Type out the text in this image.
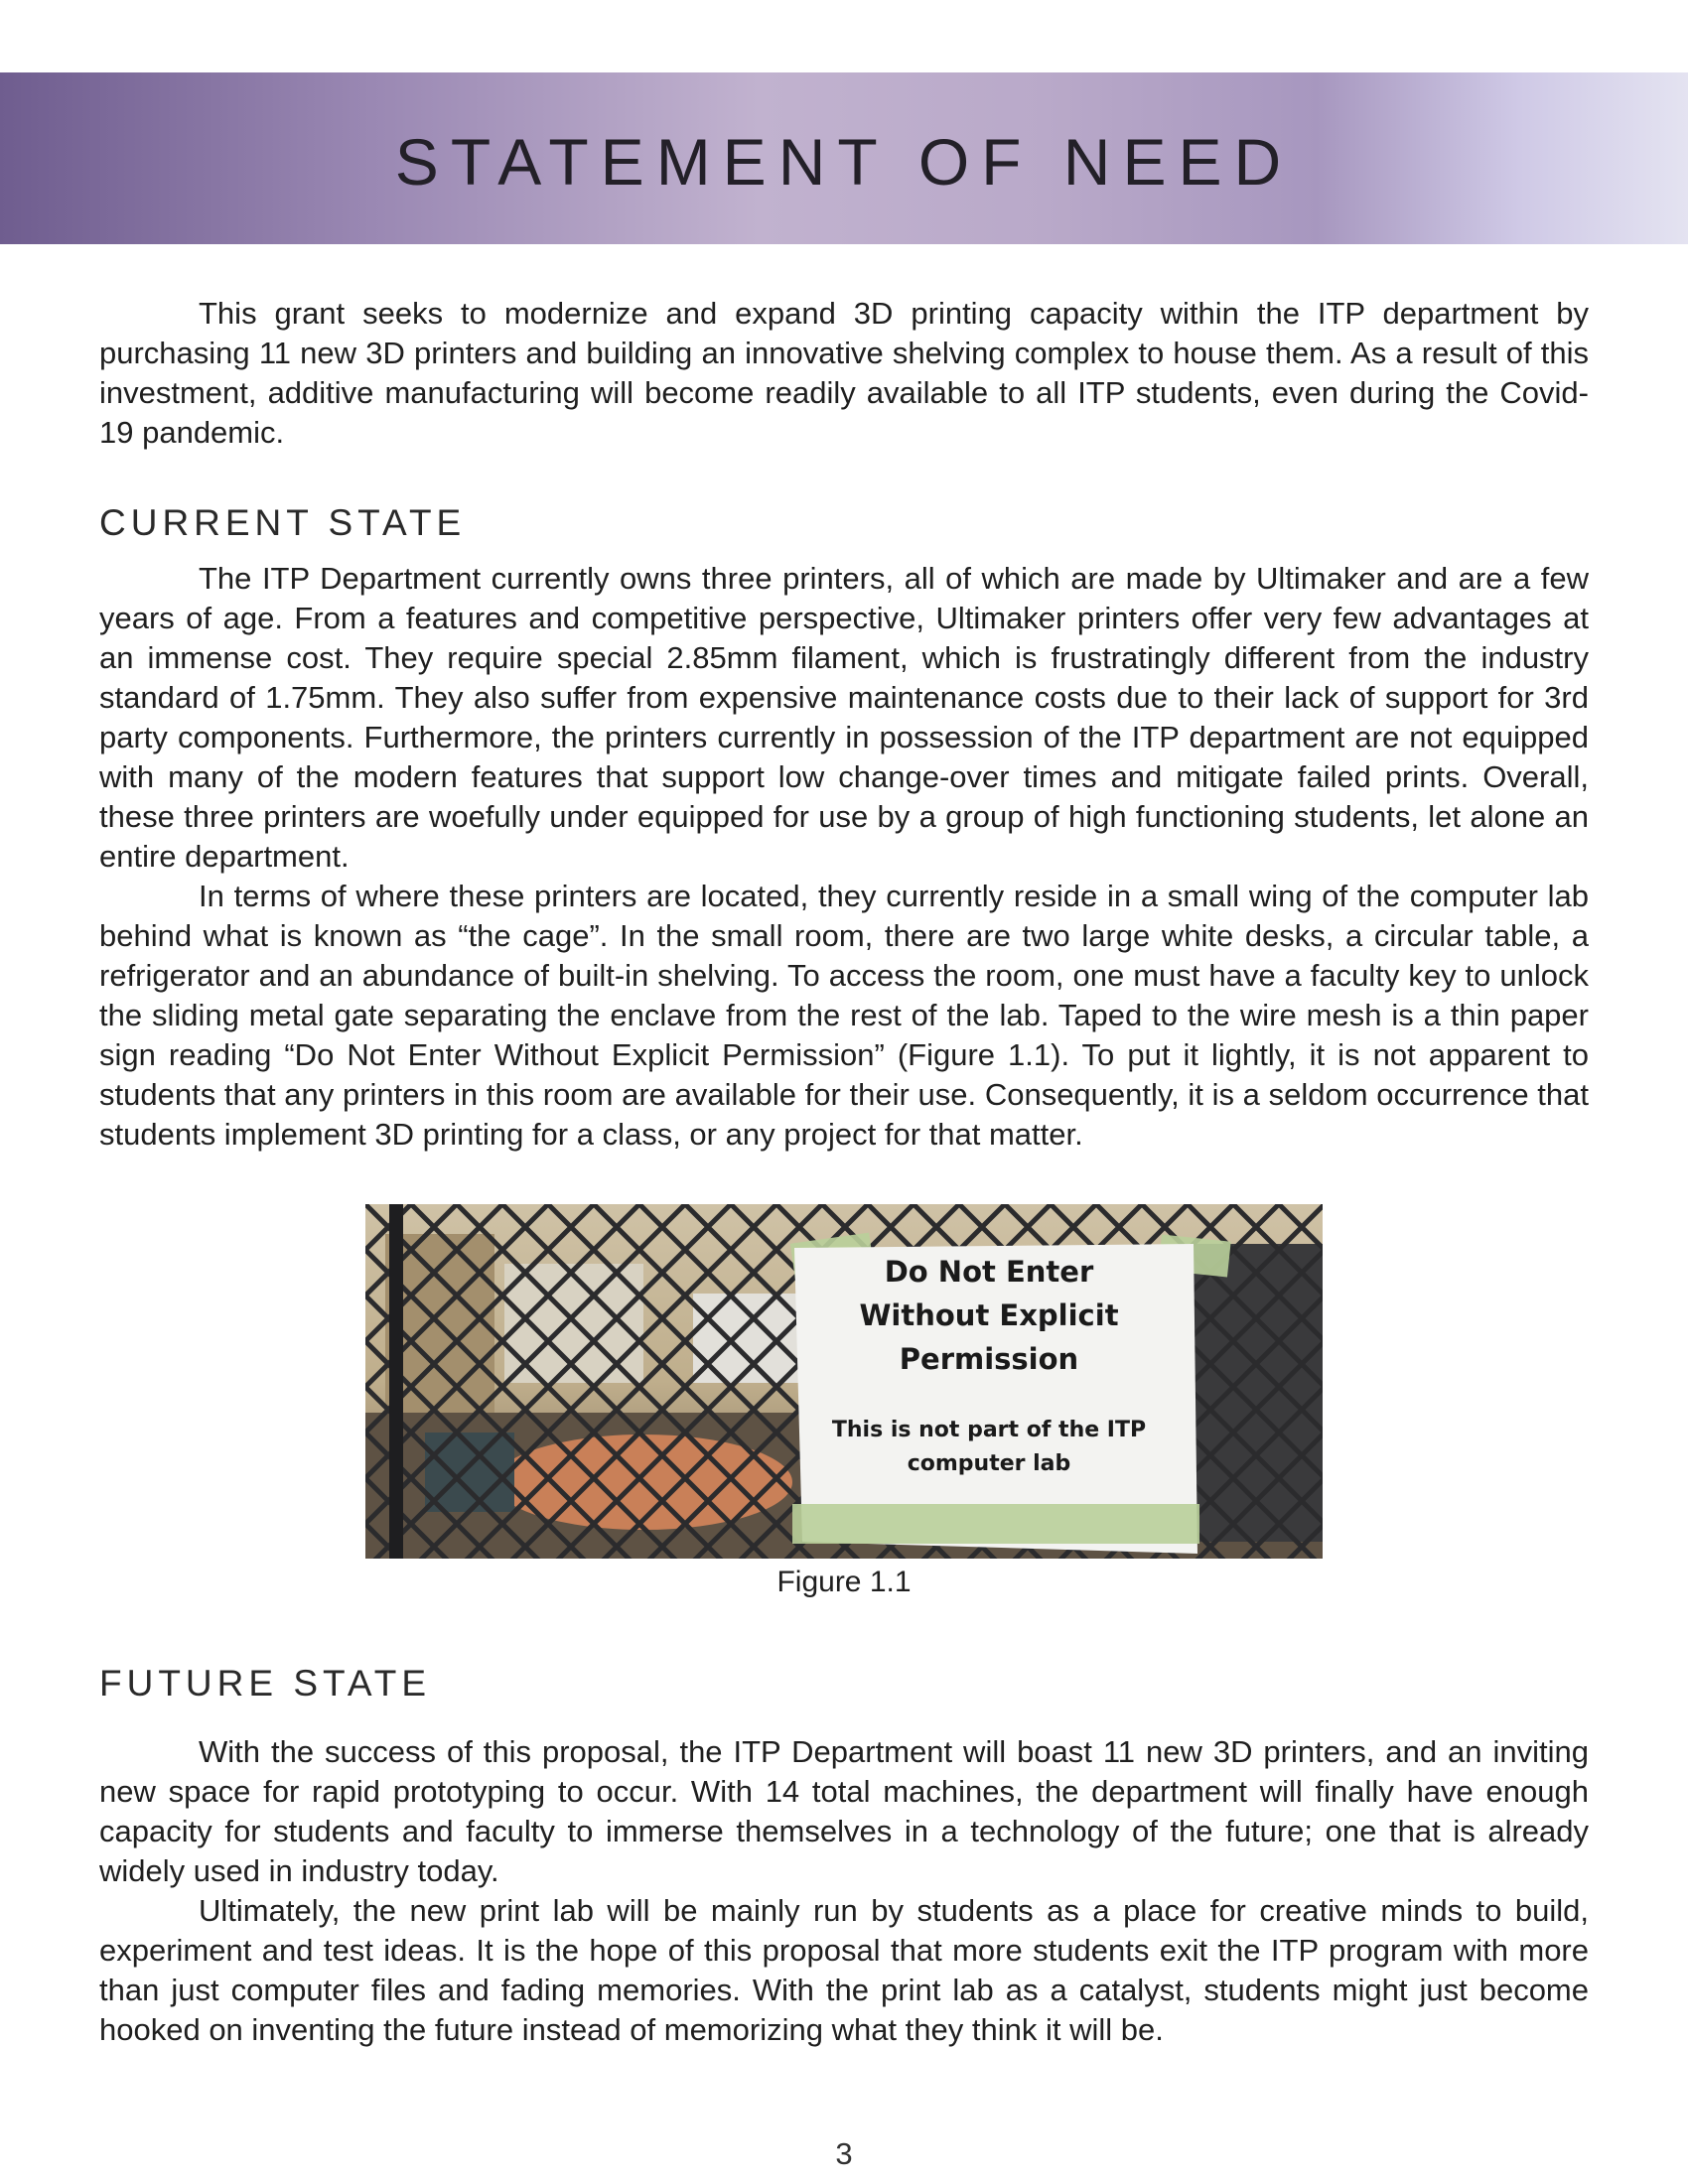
STATEMENT OF NEED

This grant seeks to modernize and expand 3D printing capacity within the ITP department by purchasing 11 new 3D printers and building an innovative shelving complex to house them. As a result of this investment, additive manufacturing will become readily available to all ITP students, even during the Covid-19 pandemic.

CURRENT STATE

The ITP Department currently owns three printers, all of which are made by Ultimaker and are a few years of age. From a features and competitive perspective, Ultimaker printers offer very few advantages at an immense cost. They require special 2.85mm filament, which is frustratingly different from the industry standard of 1.75mm. They also suffer from expensive maintenance costs due to their lack of support for 3rd party components. Furthermore, the printers currently in possession of the ITP department are not equipped with many of the modern features that support low change-over times and mitigate failed prints. Overall, these three printers are woefully under equipped for use by a group of high functioning students, let alone an entire department.

In terms of where these printers are located, they currently reside in a small wing of the computer lab behind what is known as “the cage”. In the small room, there are two large white desks, a circular table, a refrigerator and an abundance of built-in shelving. To access the room, one must have a faculty key to unlock the sliding metal gate separating the enclave from the rest of the lab. Taped to the wire mesh is a thin paper sign reading “Do Not Enter Without Explicit Permission” (Figure 1.1). To put it lightly, it is not apparent to students that any printers in this room are available for their use. Consequently, it is a seldom occurrence that students implement 3D printing for a class, or any project for that matter.

Do Not Enter
Without Explicit
Permission
This is not part of the ITP
computer lab
Figure 1.1
FUTURE STATE

With the success of this proposal, the ITP Department will boast 11 new 3D printers, and an inviting new space for rapid prototyping to occur. With 14 total machines, the department will finally have enough capacity for students and faculty to immerse themselves in a technology of the future; one that is already widely used in industry today.

Ultimately, the new print lab will be mainly run by students as a place for creative minds to build, experiment and test ideas. It is the hope of this proposal that more students exit the ITP program with more than just computer files and fading memories. With the print lab as a catalyst, students might just become hooked on inventing the future instead of memorizing what they think it will be.

3
